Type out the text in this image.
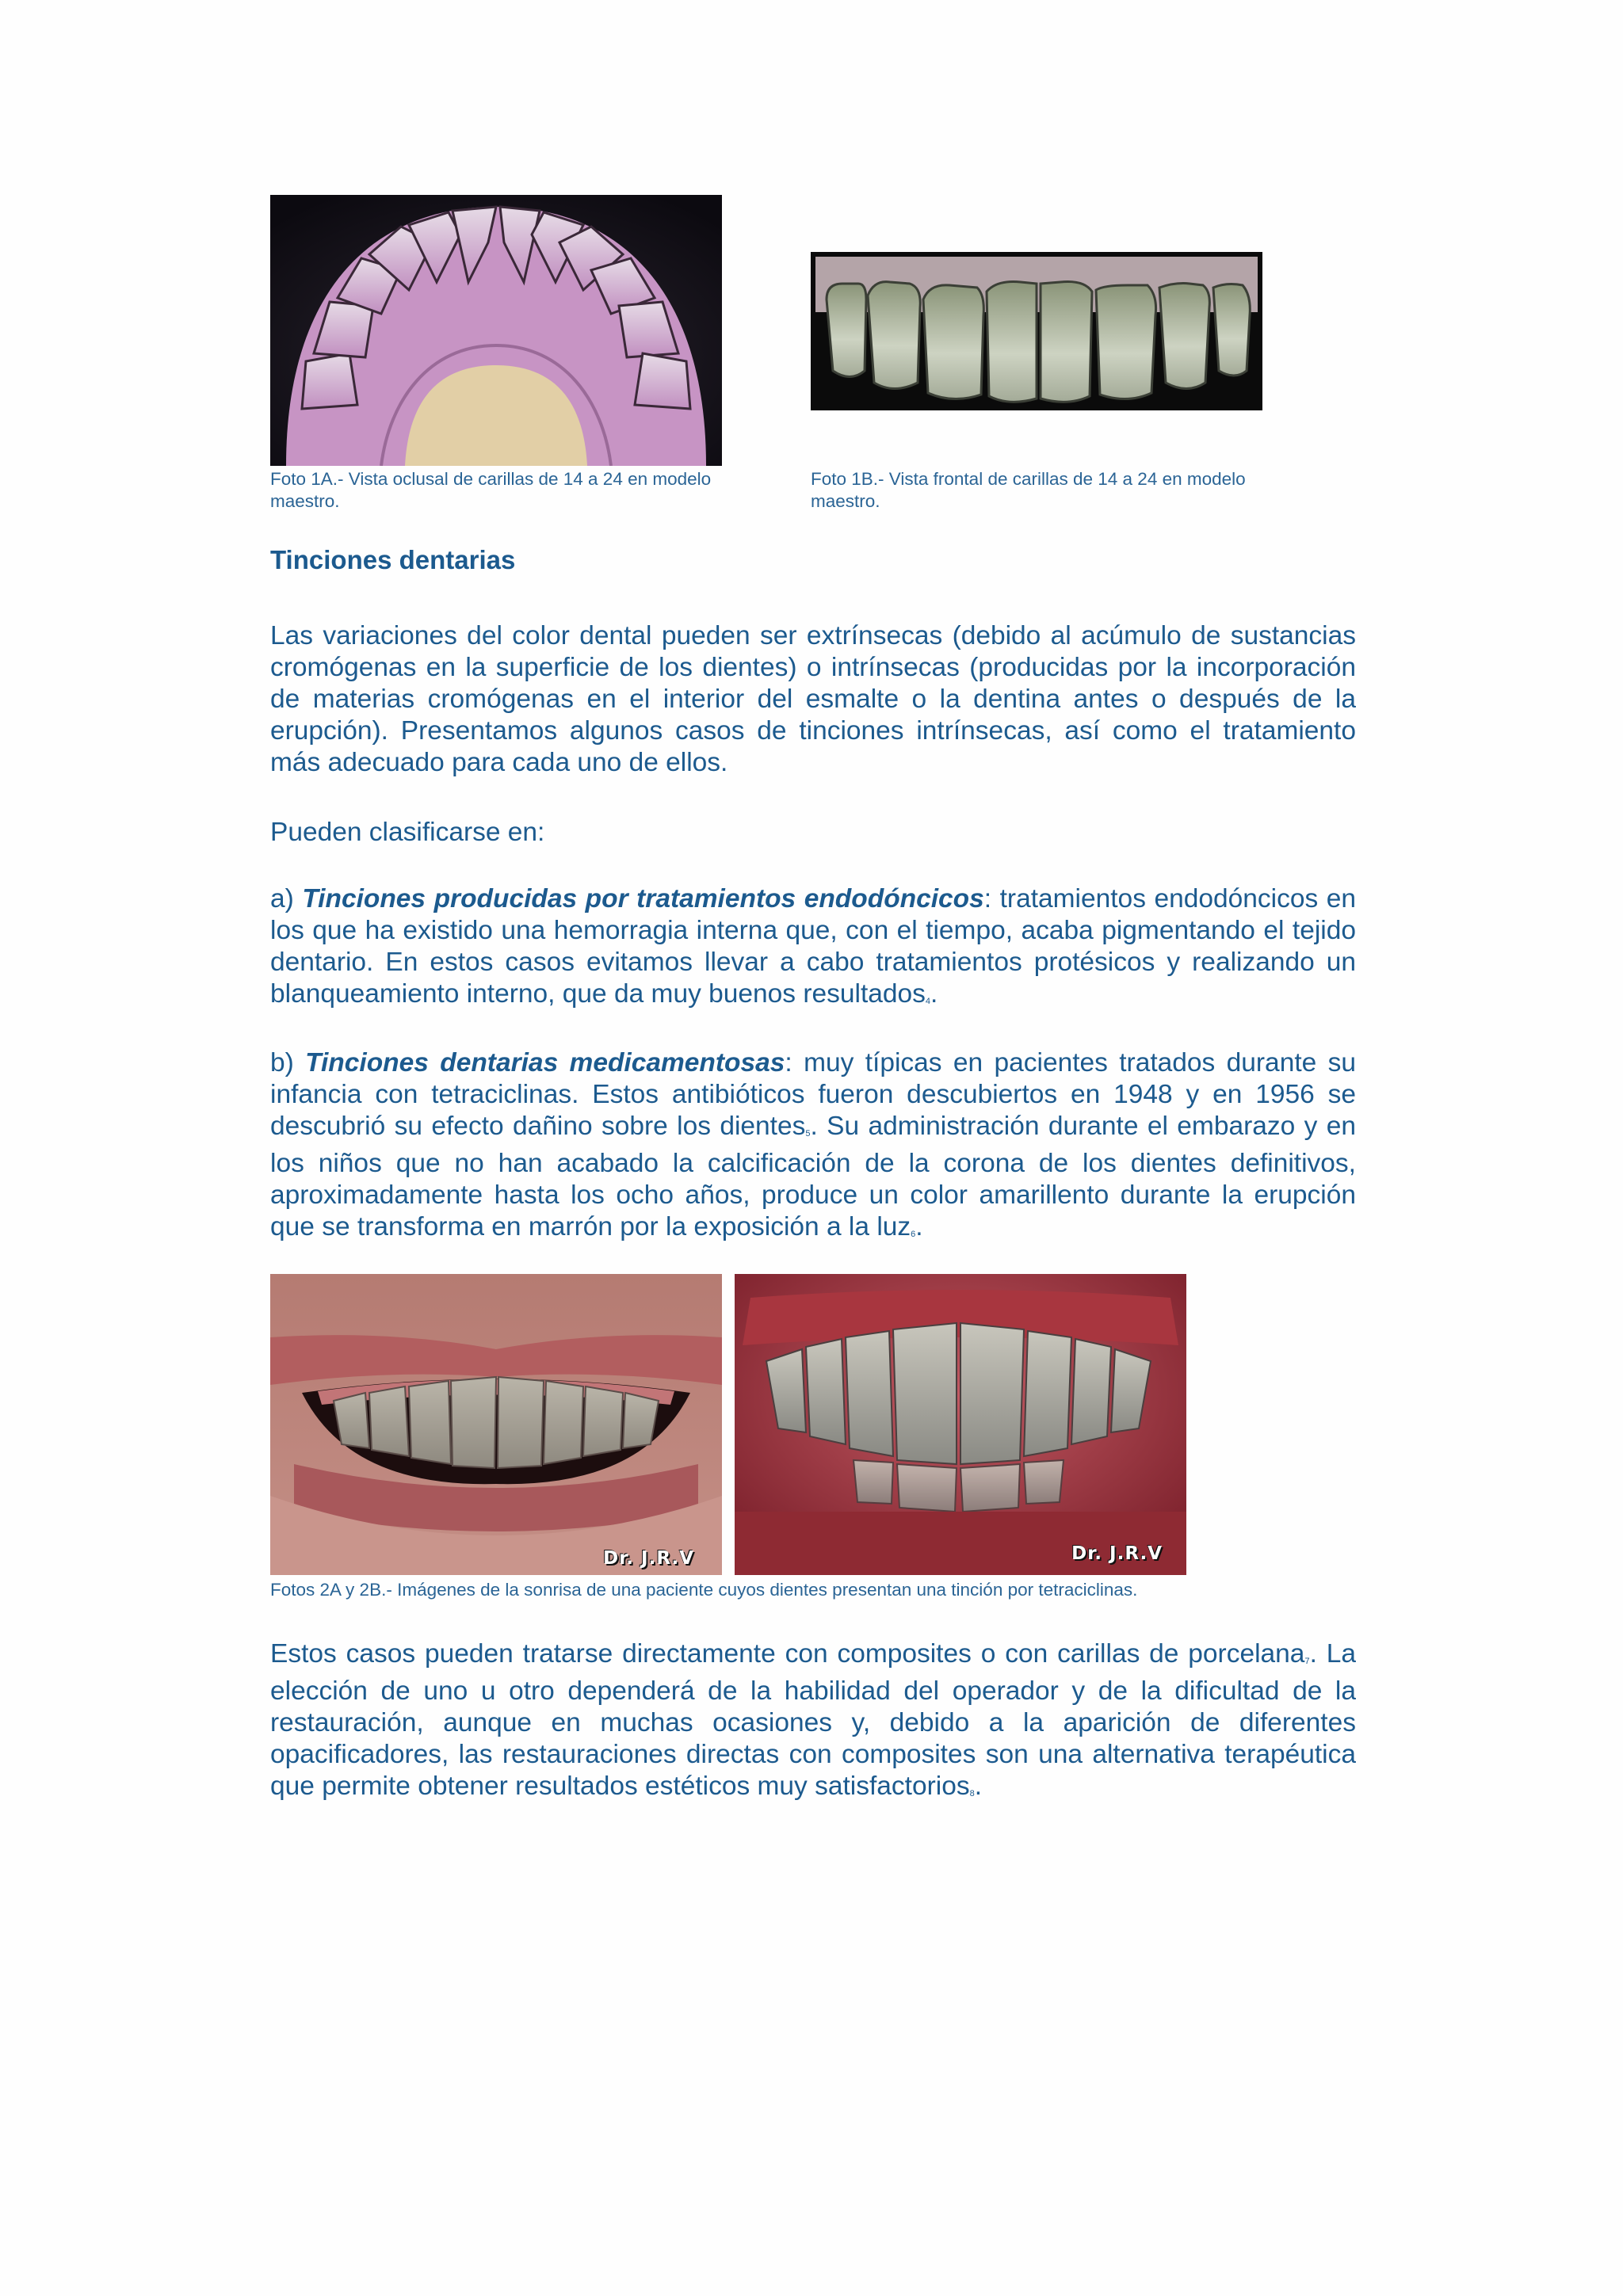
Foto 1A.- Vista oclusal de carillas de 14 a 24 en modelo maestro.
Foto 1B.- Vista frontal de carillas de 14 a 24 en modelo maestro.
Tinciones dentarias

Las variaciones del color dental pueden ser extrínsecas (debido al acúmulo de sustancias cromógenas en la superficie de los dientes) o intrínsecas (producidas por la incorporación de materias cromógenas en el interior del esmalte o la dentina antes o después de la erupción). Presentamos algunos casos de tinciones intrínsecas, así como el tratamiento más adecuado para cada uno de ellos.

Pueden clasificarse en:

a) Tinciones producidas por tratamientos endodóncicos: tratamientos endodóncicos en los que ha existido una hemorragia interna que, con el tiempo, acaba pigmentando el tejido dentario. En estos casos evitamos llevar a cabo tratamientos protésicos y realizando un blanqueamiento interno, que da muy buenos resultados$^4$.

b) Tinciones dentarias medicamentosas: muy típicas en pacientes tratados durante su infancia con tetraciclinas. Estos antibióticos fueron descubiertos en 1948 y en 1956 se descubrió su efecto dañino sobre los dientes$^5$. Su administración durante el embarazo y en los niños que no han acabado la calcificación de la corona de los dientes definitivos, aproximadamente hasta los ocho años, produce un color amarillento durante la erupción que se transforma en marrón por la exposición a la luz$^6$.

Dr. J.R.V	Dr. J.R.V
Fotos 2A y 2B.- Imágenes de la sonrisa de una paciente cuyos dientes presentan una tinción por tetraciclinas.

Estos casos pueden tratarse directamente con composites o con carillas de porcelana$^7$. La elección de uno u otro dependerá de la habilidad del operador y de la dificultad de la restauración, aunque en muchas ocasiones y, debido a la aparición de diferentes opacificadores, las restauraciones directas con composites son una alternativa terapéutica que permite obtener resultados estéticos muy satisfactorios$^8$.
